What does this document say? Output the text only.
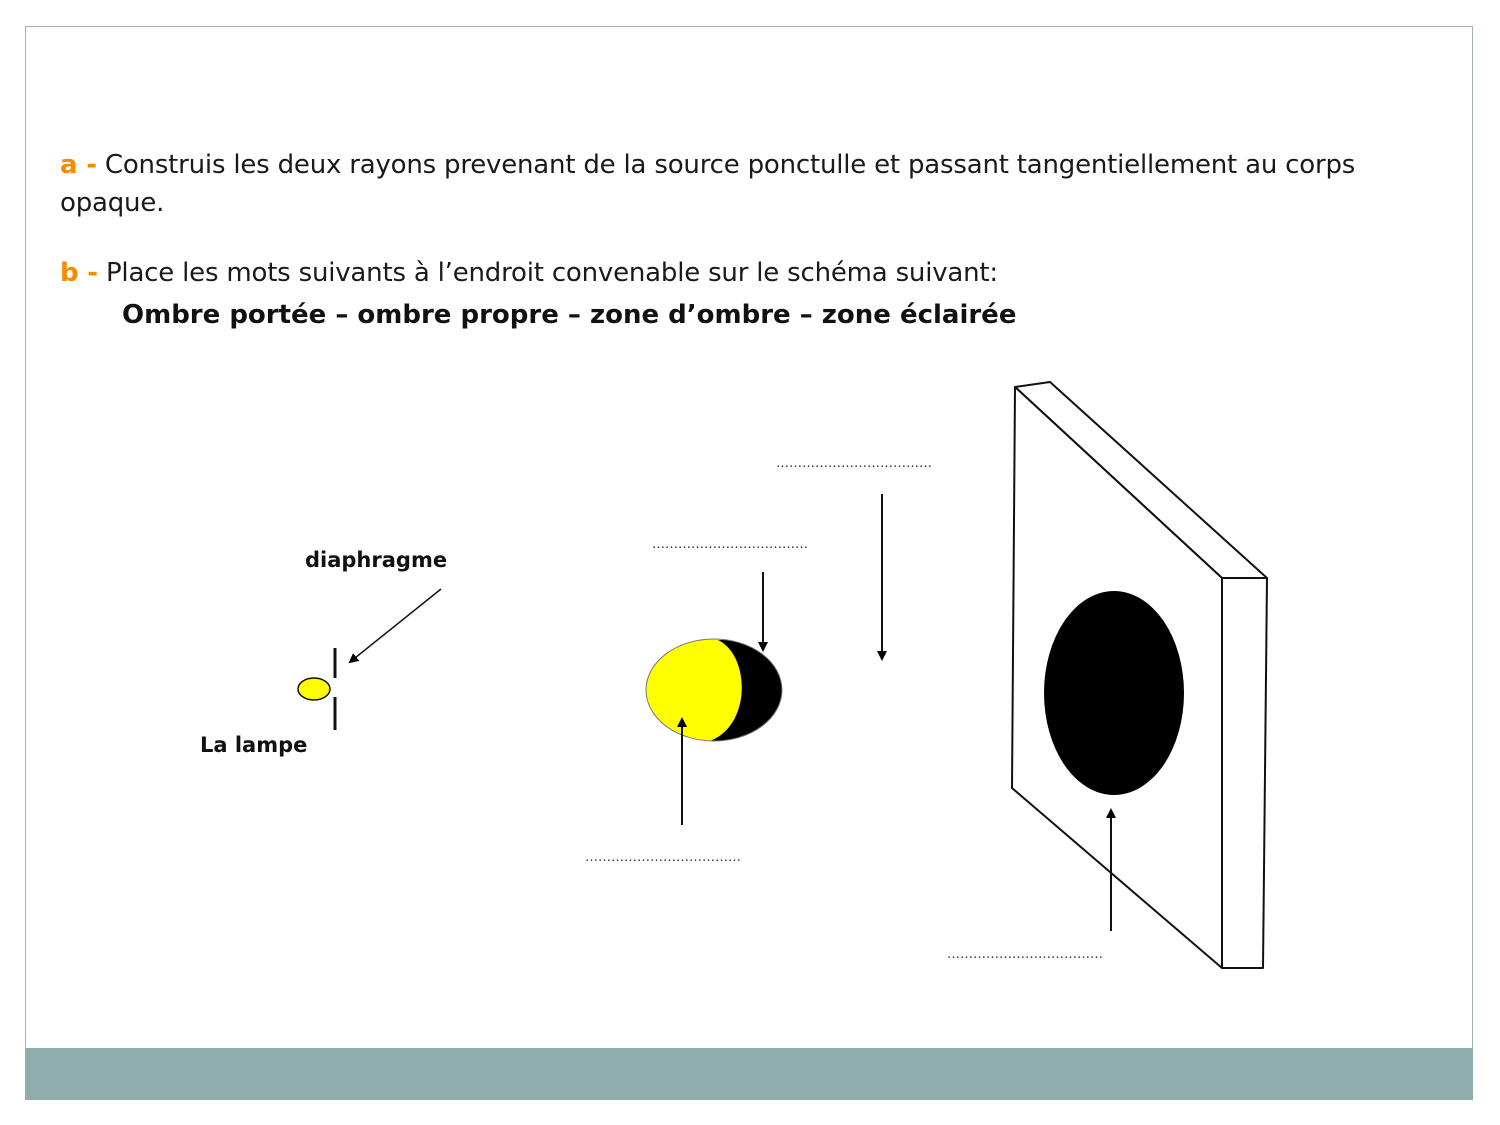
a - Construis les deux rayons prevenant de la source ponctulle et passant tangentiellement au corps opaque.
b - Place les mots suivants à l’endroit convenable sur le schéma suivant:
Ombre portée – ombre propre – zone d’ombre – zone éclairée
diaphragme
La lampe
………………………………
………………………………
………………………………
………………………………
